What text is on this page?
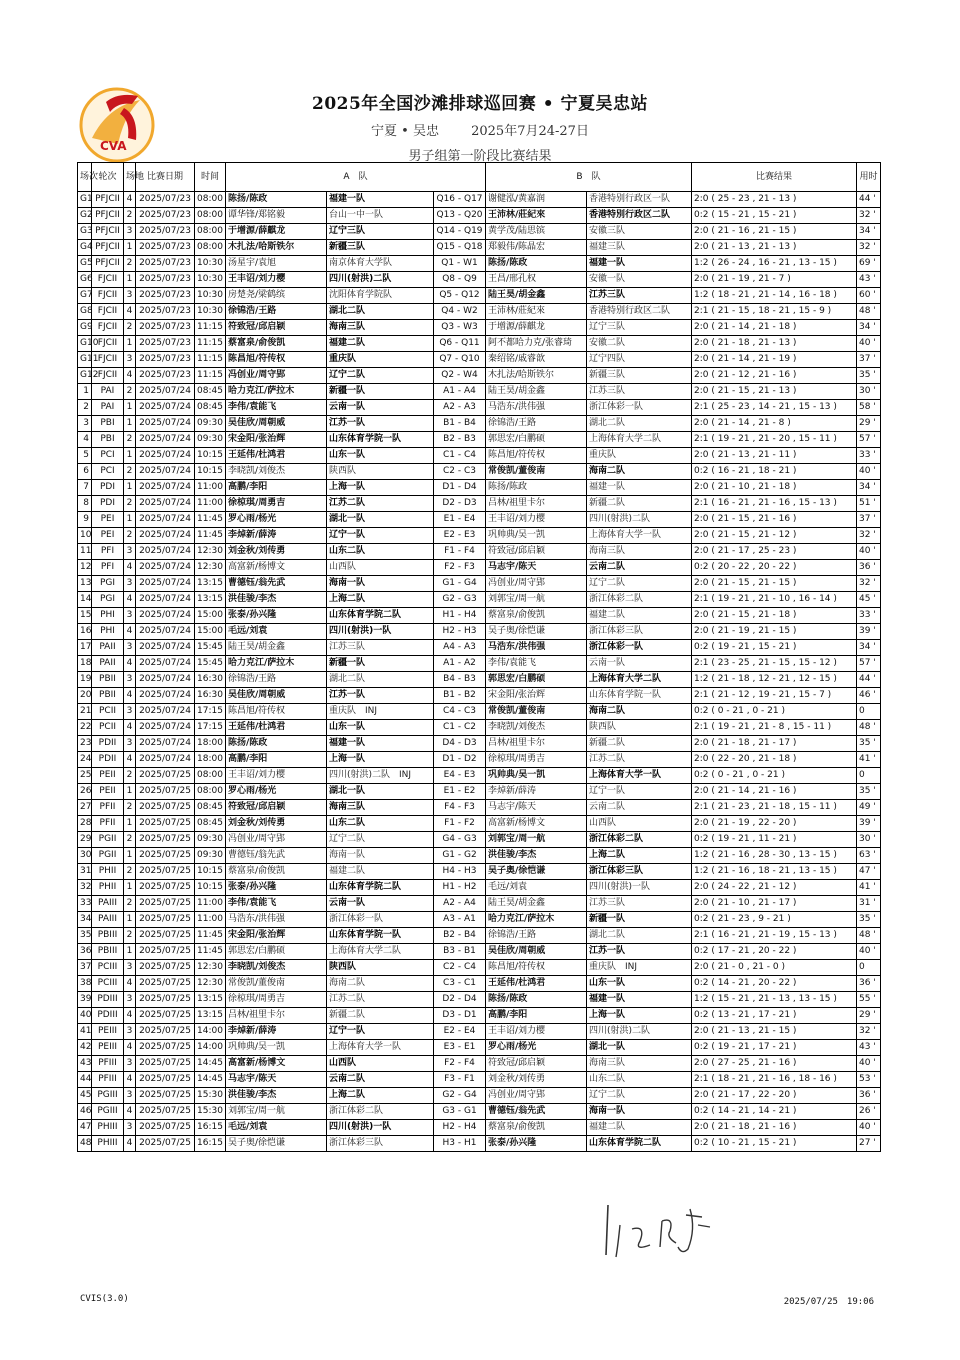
CVA
2025年全国沙滩排球巡回赛 • 宁夏吴忠站
宁夏 • 吴忠 2025年7月24-27日
男子组第一阶段比赛结果
场次	轮次	场地	比赛日期	时间	A　队			B　队		比赛结果	用时
G1	PFJCII	4	2025/07/23	08:00	陈扬/陈政	福建一队	Q16 - Q17	谢健泓/黄嘉润	香港特别行政区一队	2:0 ( 25 - 23 , 21 - 13 )	44 '
G2	PFJCII	2	2025/07/23	08:00	谭华锋/郑铭毅	台山一中一队	Q13 - Q20	王沛林/莊紀來	香港特別行政区二队	0:2 ( 15 - 21 , 15 - 21 )	32 '
G3	PFJCII	3	2025/07/23	08:00	于增源/薛麒龙	辽宁三队	Q14 - Q19	黄学茂/陆思镔	安徽三队	2:0 ( 21 - 16 , 21 - 15 )	34 '
G4	PFJCII	1	2025/07/23	08:00	木扎法/哈斯铁尔	新疆三队	Q15 - Q18	郑毅伟/陈晶宏	福建三队	2:0 ( 21 - 13 , 21 - 13 )	32 '
G5	PFJCII	2	2025/07/23	10:30	汤星宇/袁旭	南京体育大学队	Q1 - W1	陈扬/陈政	福建一队	1:2 ( 26 - 24 , 16 - 21 , 13 - 15 )	69 '
G6	FJCII	1	2025/07/23	10:30	王丰诏/刘力樱	四川(射洪)二队	Q8 - Q9	王昌/邢孔权	安徽一队	2:0 ( 21 - 19 , 21 - 7 )	43 '
G7	FJCII	3	2025/07/23	10:30	房楚尧/梁鹤缤	沈阳体育学院队	Q5 - Q12	陆王昊/胡金鑫	江苏三队	1:2 ( 18 - 21 , 21 - 14 , 16 - 18 )	60 '
G8	FJCII	4	2025/07/23	10:30	徐锦浩/王路	湖北二队	Q4 - W2	王沛林/莊紀來	香港特别行政区二队	2:1 ( 21 - 15 , 18 - 21 , 15 - 9 )	48 '
G9	FJCII	2	2025/07/23	11:15	符致冠/邱启颖	海南三队	Q3 - W3	于增源/薛麒龙	辽宁三队	2:0 ( 21 - 14 , 21 - 18 )	34 '
G10	FJCII	1	2025/07/23	11:15	蔡富泉/俞俊凯	福建二队	Q6 - Q11	阿不都哈力克/张睿琦	安徽二队	2:0 ( 21 - 18 , 21 - 13 )	40 '
G11	FJCII	3	2025/07/23	11:15	陈昌旭/符传权	重庆队	Q7 - Q10	秦绍铭/戚睿歆	辽宁四队	2:0 ( 21 - 14 , 21 - 19 )	37 '
G12	FJCII	4	2025/07/23	11:15	冯创业/周守郢	辽宁二队	Q2 - W4	木扎法/哈斯铁尔	新疆三队	2:0 ( 21 - 12 , 21 - 16 )	35 '
1	PAI	2	2025/07/24	08:45	哈力克江/萨拉木	新疆一队	A1 - A4	陆王昊/胡金鑫	江苏三队	2:0 ( 21 - 15 , 21 - 13 )	30 '
2	PAI	1	2025/07/24	08:45	李伟/袁能飞	云南一队	A2 - A3	马浩东/洪伟强	浙江体彩一队	2:1 ( 25 - 23 , 14 - 21 , 15 - 13 )	58 '
3	PBI	1	2025/07/24	09:30	吴佳欣/周朝威	江苏一队	B1 - B4	徐锦浩/王路	湖北二队	2:0 ( 21 - 14 , 21 - 8 )	29 '
4	PBI	2	2025/07/24	09:30	宋金阳/张治辉	山东体育学院一队	B2 - B3	郭思宏/白鹏硕	上海体育大学二队	2:1 ( 19 - 21 , 21 - 20 , 15 - 11 )	57 '
5	PCI	1	2025/07/24	10:15	王延伟/杜鸿君	山东一队	C1 - C4	陈昌旭/符传权	重庆队	2:0 ( 21 - 13 , 21 - 11 )	33 '
6	PCI	2	2025/07/24	10:15	李晓凯/刘俊杰	陕西队	C2 - C3	常俊凯/董俊南	海南二队	0:2 ( 16 - 21 , 18 - 21 )	40 '
7	PDI	1	2025/07/24	11:00	高鹏/李阳	上海一队	D1 - D4	陈扬/陈政	福建一队	2:0 ( 21 - 10 , 21 - 18 )	34 '
8	PDI	2	2025/07/24	11:00	徐椋琪/周勇吉	江苏二队	D2 - D3	吕林/祖里卡尔	新疆二队	2:1 ( 16 - 21 , 21 - 16 , 15 - 13 )	51 '
9	PEI	1	2025/07/24	11:45	罗心雨/杨光	湖北一队	E1 - E4	王丰诏/刘力樱	四川(射洪)二队	2:0 ( 21 - 15 , 21 - 16 )	37 '
10	PEI	2	2025/07/24	11:45	李焯新/薛涛	辽宁一队	E2 - E3	巩帅典/吴一凯	上海体育大学一队	2:0 ( 21 - 15 , 21 - 12 )	32 '
11	PFI	3	2025/07/24	12:30	刘金秋/刘传勇	山东二队	F1 - F4	符致冠/邱启颖	海南三队	2:0 ( 21 - 17 , 25 - 23 )	40 '
12	PFI	4	2025/07/24	12:30	高富新/杨博文	山西队	F2 - F3	马志宇/陈天	云南二队	0:2 ( 20 - 22 , 20 - 22 )	36 '
13	PGI	3	2025/07/24	13:15	曹德钰/翁先武	海南一队	G1 - G4	冯创业/周守郢	辽宁二队	2:0 ( 21 - 15 , 21 - 15 )	32 '
14	PGI	4	2025/07/24	13:15	洪佳骏/李杰	上海二队	G2 - G3	刘郭宝/周一航	浙江体彩二队	2:1 ( 19 - 21 , 21 - 10 , 16 - 14 )	45 '
15	PHI	3	2025/07/24	15:00	张泰/孙兴隆	山东体育学院二队	H1 - H4	蔡富泉/俞俊凯	福建二队	2:0 ( 21 - 15 , 21 - 18 )	33 '
16	PHI	4	2025/07/24	15:00	毛远/刘袁	四川(射洪)一队	H2 - H3	吴子奥/徐恺谦	浙江体彩三队	2:0 ( 21 - 19 , 21 - 15 )	39 '
17	PAII	3	2025/07/24	15:45	陆王昊/胡金鑫	江苏三队	A4 - A3	马浩东/洪伟强	浙江体彩一队	0:2 ( 19 - 21 , 15 - 21 )	34 '
18	PAII	4	2025/07/24	15:45	哈力克江/萨拉木	新疆一队	A1 - A2	李伟/袁能飞	云南一队	2:1 ( 23 - 25 , 21 - 15 , 15 - 12 )	57 '
19	PBII	3	2025/07/24	16:30	徐锦浩/王路	湖北二队	B4 - B3	郭思宏/白鹏硕	上海体育大学二队	1:2 ( 21 - 18 , 12 - 21 , 12 - 15 )	44 '
20	PBII	4	2025/07/24	16:30	吴佳欣/周朝威	江苏一队	B1 - B2	宋金阳/张治辉	山东体育学院一队	2:1 ( 21 - 12 , 19 - 21 , 15 - 7 )	46 '
21	PCII	3	2025/07/24	17:15	陈昌旭/符传权	重庆队　INJ	C4 - C3	常俊凯/董俊南	海南二队	0:2 ( 0 - 21 , 0 - 21 )	0
22	PCII	4	2025/07/24	17:15	王延伟/杜鸿君	山东一队	C1 - C2	李晓凯/刘俊杰	陕西队	2:1 ( 19 - 21 , 21 - 8 , 15 - 11 )	48 '
23	PDII	3	2025/07/24	18:00	陈扬/陈政	福建一队	D4 - D3	吕林/祖里卡尔	新疆二队	2:0 ( 21 - 18 , 21 - 17 )	35 '
24	PDII	4	2025/07/24	18:00	高鹏/李阳	上海一队	D1 - D2	徐椋琪/周勇吉	江苏二队	2:0 ( 22 - 20 , 21 - 18 )	41 '
25	PEII	2	2025/07/25	08:00	王丰诏/刘力樱	四川(射洪)二队　INJ	E4 - E3	巩帅典/吴一凯	上海体育大学一队	0:2 ( 0 - 21 , 0 - 21 )	0
26	PEII	1	2025/07/25	08:00	罗心雨/杨光	湖北一队	E1 - E2	李焯新/薛涛	辽宁一队	2:0 ( 21 - 14 , 21 - 16 )	35 '
27	PFII	2	2025/07/25	08:45	符致冠/邱启颖	海南三队	F4 - F3	马志宇/陈天	云南二队	2:1 ( 21 - 23 , 21 - 18 , 15 - 11 )	49 '
28	PFII	1	2025/07/25	08:45	刘金秋/刘传勇	山东二队	F1 - F2	高富新/杨博文	山西队	2:0 ( 21 - 19 , 22 - 20 )	39 '
29	PGII	2	2025/07/25	09:30	冯创业/周守郢	辽宁二队	G4 - G3	刘郭宝/周一航	浙江体彩二队	0:2 ( 19 - 21 , 11 - 21 )	30 '
30	PGII	1	2025/07/25	09:30	曹德钰/翁先武	海南一队	G1 - G2	洪佳骏/李杰	上海二队	1:2 ( 21 - 16 , 28 - 30 , 13 - 15 )	63 '
31	PHII	2	2025/07/25	10:15	蔡富泉/俞俊凯	福建二队	H4 - H3	吴子奥/徐恺谦	浙江体彩三队	1:2 ( 21 - 16 , 18 - 21 , 13 - 15 )	47 '
32	PHII	1	2025/07/25	10:15	张泰/孙兴隆	山东体育学院二队	H1 - H2	毛远/刘袁	四川(射洪)一队	2:0 ( 24 - 22 , 21 - 12 )	41 '
33	PAIII	2	2025/07/25	11:00	李伟/袁能飞	云南一队	A2 - A4	陆王昊/胡金鑫	江苏三队	2:0 ( 21 - 10 , 21 - 17 )	31 '
34	PAIII	1	2025/07/25	11:00	马浩东/洪伟强	浙江体彩一队	A3 - A1	哈力克江/萨拉木	新疆一队	0:2 ( 21 - 23 , 9 - 21 )	35 '
35	PBIII	2	2025/07/25	11:45	宋金阳/张治辉	山东体育学院一队	B2 - B4	徐锦浩/王路	湖北二队	2:1 ( 16 - 21 , 21 - 19 , 15 - 13 )	48 '
36	PBIII	1	2025/07/25	11:45	郭思宏/白鹏硕	上海体育大学二队	B3 - B1	吴佳欣/周朝威	江苏一队	0:2 ( 17 - 21 , 20 - 22 )	40 '
37	PCIII	3	2025/07/25	12:30	李晓凯/刘俊杰	陕西队	C2 - C4	陈昌旭/符传权	重庆队　INJ	2:0 ( 21 - 0 , 21 - 0 )	0
38	PCIII	4	2025/07/25	12:30	常俊凯/董俊南	海南二队	C3 - C1	王延伟/杜鸿君	山东一队	0:2 ( 14 - 21 , 20 - 22 )	36 '
39	PDIII	3	2025/07/25	13:15	徐椋琪/周勇吉	江苏二队	D2 - D4	陈扬/陈政	福建一队	1:2 ( 15 - 21 , 21 - 13 , 13 - 15 )	55 '
40	PDIII	4	2025/07/25	13:15	吕林/祖里卡尔	新疆二队	D3 - D1	高鹏/李阳	上海一队	0:2 ( 13 - 21 , 17 - 21 )	29 '
41	PEIII	3	2025/07/25	14:00	李焯新/薛涛	辽宁一队	E2 - E4	王丰诏/刘力樱	四川(射洪)二队	2:0 ( 21 - 13 , 21 - 15 )	32 '
42	PEIII	4	2025/07/25	14:00	巩帅典/吴一凯	上海体育大学一队	E3 - E1	罗心雨/杨光	湖北一队	0:2 ( 19 - 21 , 17 - 21 )	43 '
43	PFIII	3	2025/07/25	14:45	高富新/杨博文	山西队	F2 - F4	符致冠/邱启颖	海南三队	2:0 ( 27 - 25 , 21 - 16 )	40 '
44	PFIII	4	2025/07/25	14:45	马志宇/陈天	云南二队	F3 - F1	刘金秋/刘传勇	山东二队	2:1 ( 18 - 21 , 21 - 16 , 18 - 16 )	53 '
45	PGIII	3	2025/07/25	15:30	洪佳骏/李杰	上海二队	G2 - G4	冯创业/周守郢	辽宁二队	2:0 ( 21 - 17 , 22 - 20 )	36 '
46	PGIII	4	2025/07/25	15:30	刘郭宝/周一航	浙江体彩二队	G3 - G1	曹德钰/翁先武	海南一队	0:2 ( 14 - 21 , 14 - 21 )	26 '
47	PHIII	3	2025/07/25	16:15	毛远/刘袁	四川(射洪)一队	H2 - H4	蔡富泉/俞俊凯	福建二队	2:0 ( 21 - 18 , 21 - 16 )	40 '
48	PHIII	4	2025/07/25	16:15	吴子奥/徐恺谦	浙江体彩三队	H3 - H1	张泰/孙兴隆	山东体育学院二队	0:2 ( 10 - 21 , 15 - 21 )	27 '
CVIS(3.0)	2025/07/25　19:06
